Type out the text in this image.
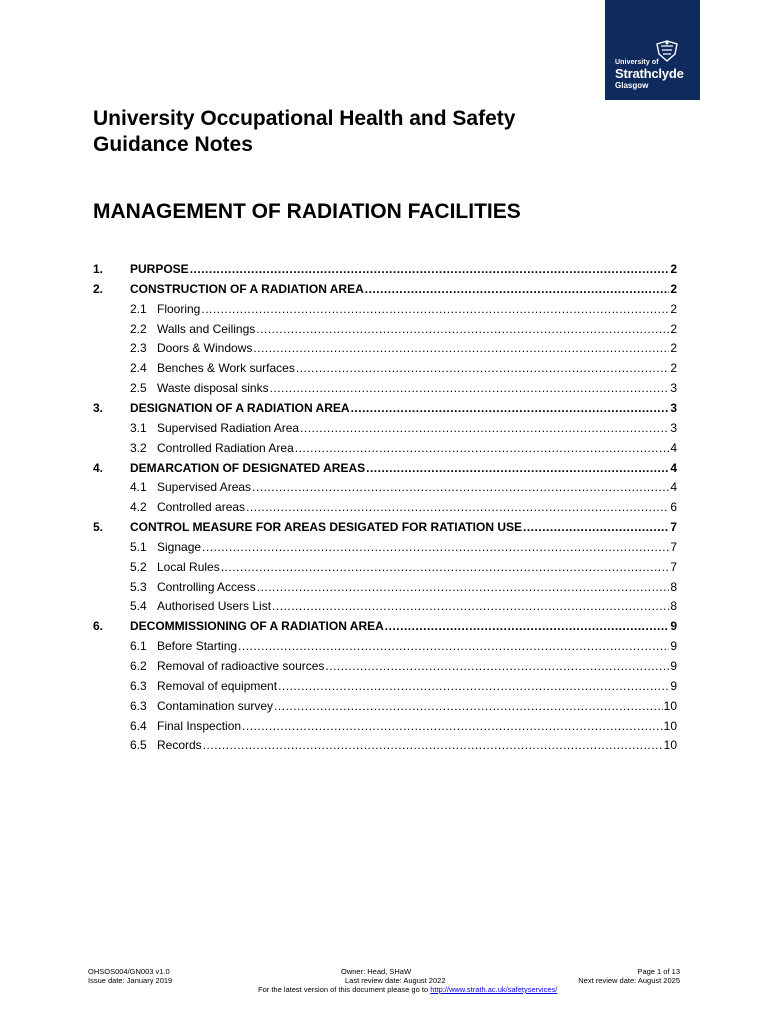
University of
Strathclyde
Glasgow
University Occupational Health and Safety
Guidance Notes
MANAGEMENT OF RADIATION FACILITIES
1. PURPOSE .....	2
2. CONSTRUCTION OF A RADIATION AREA .....	2
2.1 Flooring .....	2
2.2 Walls and Ceilings .....	2
2.3 Doors & Windows .....	2
2.4 Benches & Work surfaces .....	2
2.5 Waste disposal sinks .....	3
3. DESIGNATION OF A RADIATION AREA .....	3
3.1 Supervised Radiation Area .....	3
3.2 Controlled Radiation Area .....	4
4. DEMARCATION OF DESIGNATED AREAS .....	4
4.1 Supervised Areas .....	4
4.2 Controlled areas .....	6
5. CONTROL MEASURE FOR AREAS DESIGATED FOR RATIATION USE .....	7
5.1 Signage .....	7
5.2 Local Rules .....	7
5.3 Controlling Access .....	8
5.4 Authorised Users List .....	8
6. DECOMMISSIONING OF A RADIATION AREA .....	9
6.1 Before Starting .....	9
6.2 Removal of radioactive sources .....	9
6.3 Removal of equipment .....	9
6.3 Contamination survey .....	10
6.4 Final Inspection .....	10
6.5 Records .....	10
OHSOS004/GN003 v1.0
Issue date: January 2019
Owner: Head, SHaW
Last review date: August 2022
Page 1 of 13
Next review date: August 2025
For the latest version of this document please go to http://www.strath.ac.uk/safetyservices/
